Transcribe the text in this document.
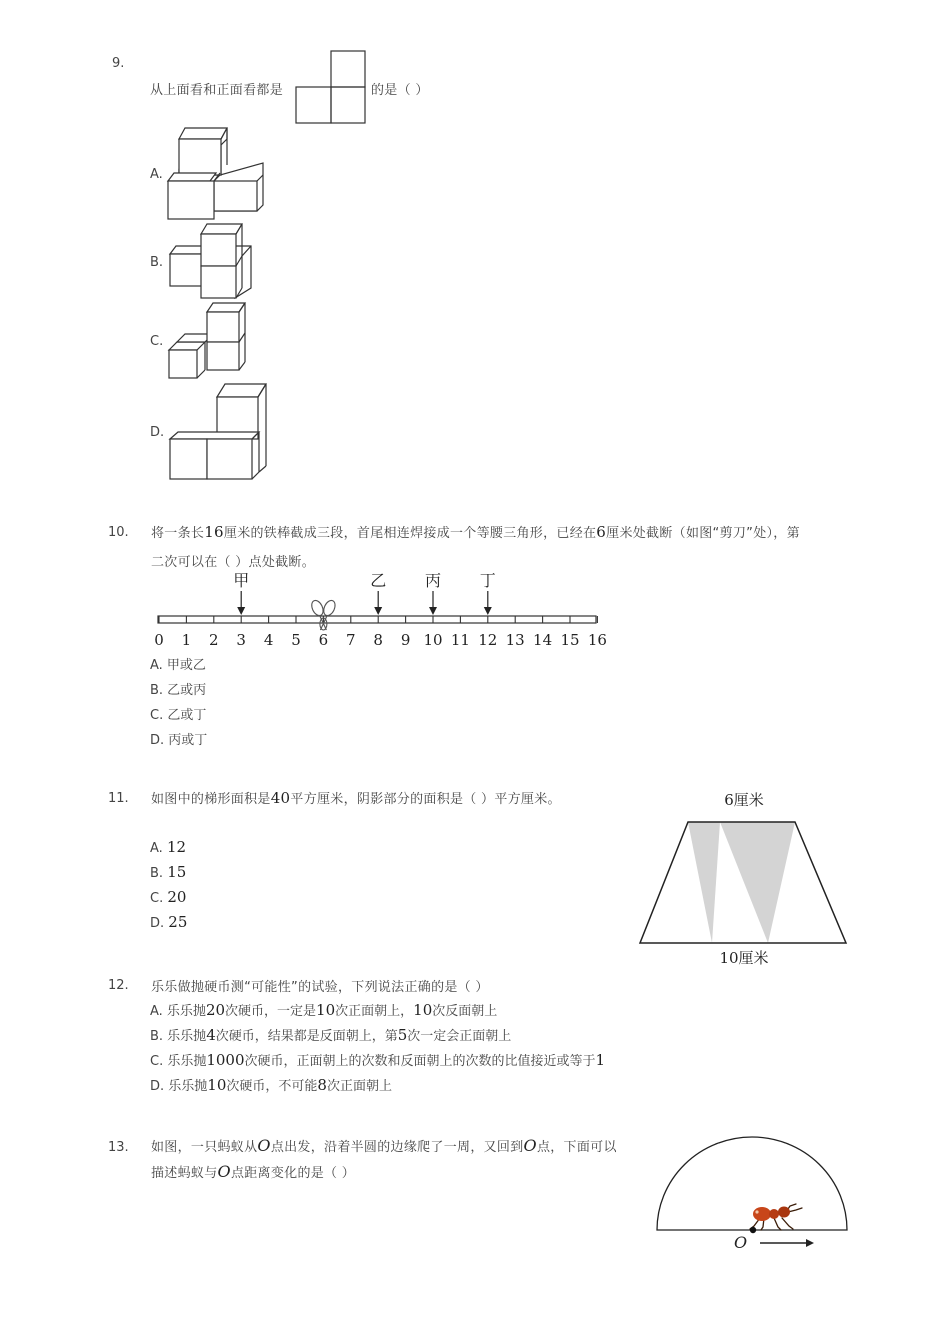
9.
从上面看和正面看都是	的是（ ）
A.
B.
C.
D.
10. 将一条长16厘米的铁棒截成三段，首尾相连焊接成一个等腰三角形，已经在6厘米处截断（如图“剪刀”处），第
二次可以在（ ）点处截断。
0 1 2 3 4 5 6 7 8 9 10 11 12 13 14 15 16
甲	乙 丙 丁
A. 甲或乙
B. 乙或丙
C. 乙或丁
D. 丙或丁
11. 如图中的梯形面积是40平方厘米，阴影部分的面积是（ ）平方厘米。
A. 12
B. 15
C. 20
D. 25
6厘米
10厘米
12. 乐乐做抛硬币测“可能性”的试验，下列说法正确的是（ ）
A. 乐乐抛20次硬币，一定是10次正面朝上，10次反面朝上
B. 乐乐抛4次硬币，结果都是反面朝上，第5次一定会正面朝上
C. 乐乐抛1000次硬币，正面朝上的次数和反面朝上的次数的比值接近或等于1
D. 乐乐抛10次硬币，不可能8次正面朝上
13. 如图，一只蚂蚁从O点出发，沿着半圆的边缘爬了一周，又回到O点，下面可以
描述蚂蚁与O点距离变化的是（ ）
O
